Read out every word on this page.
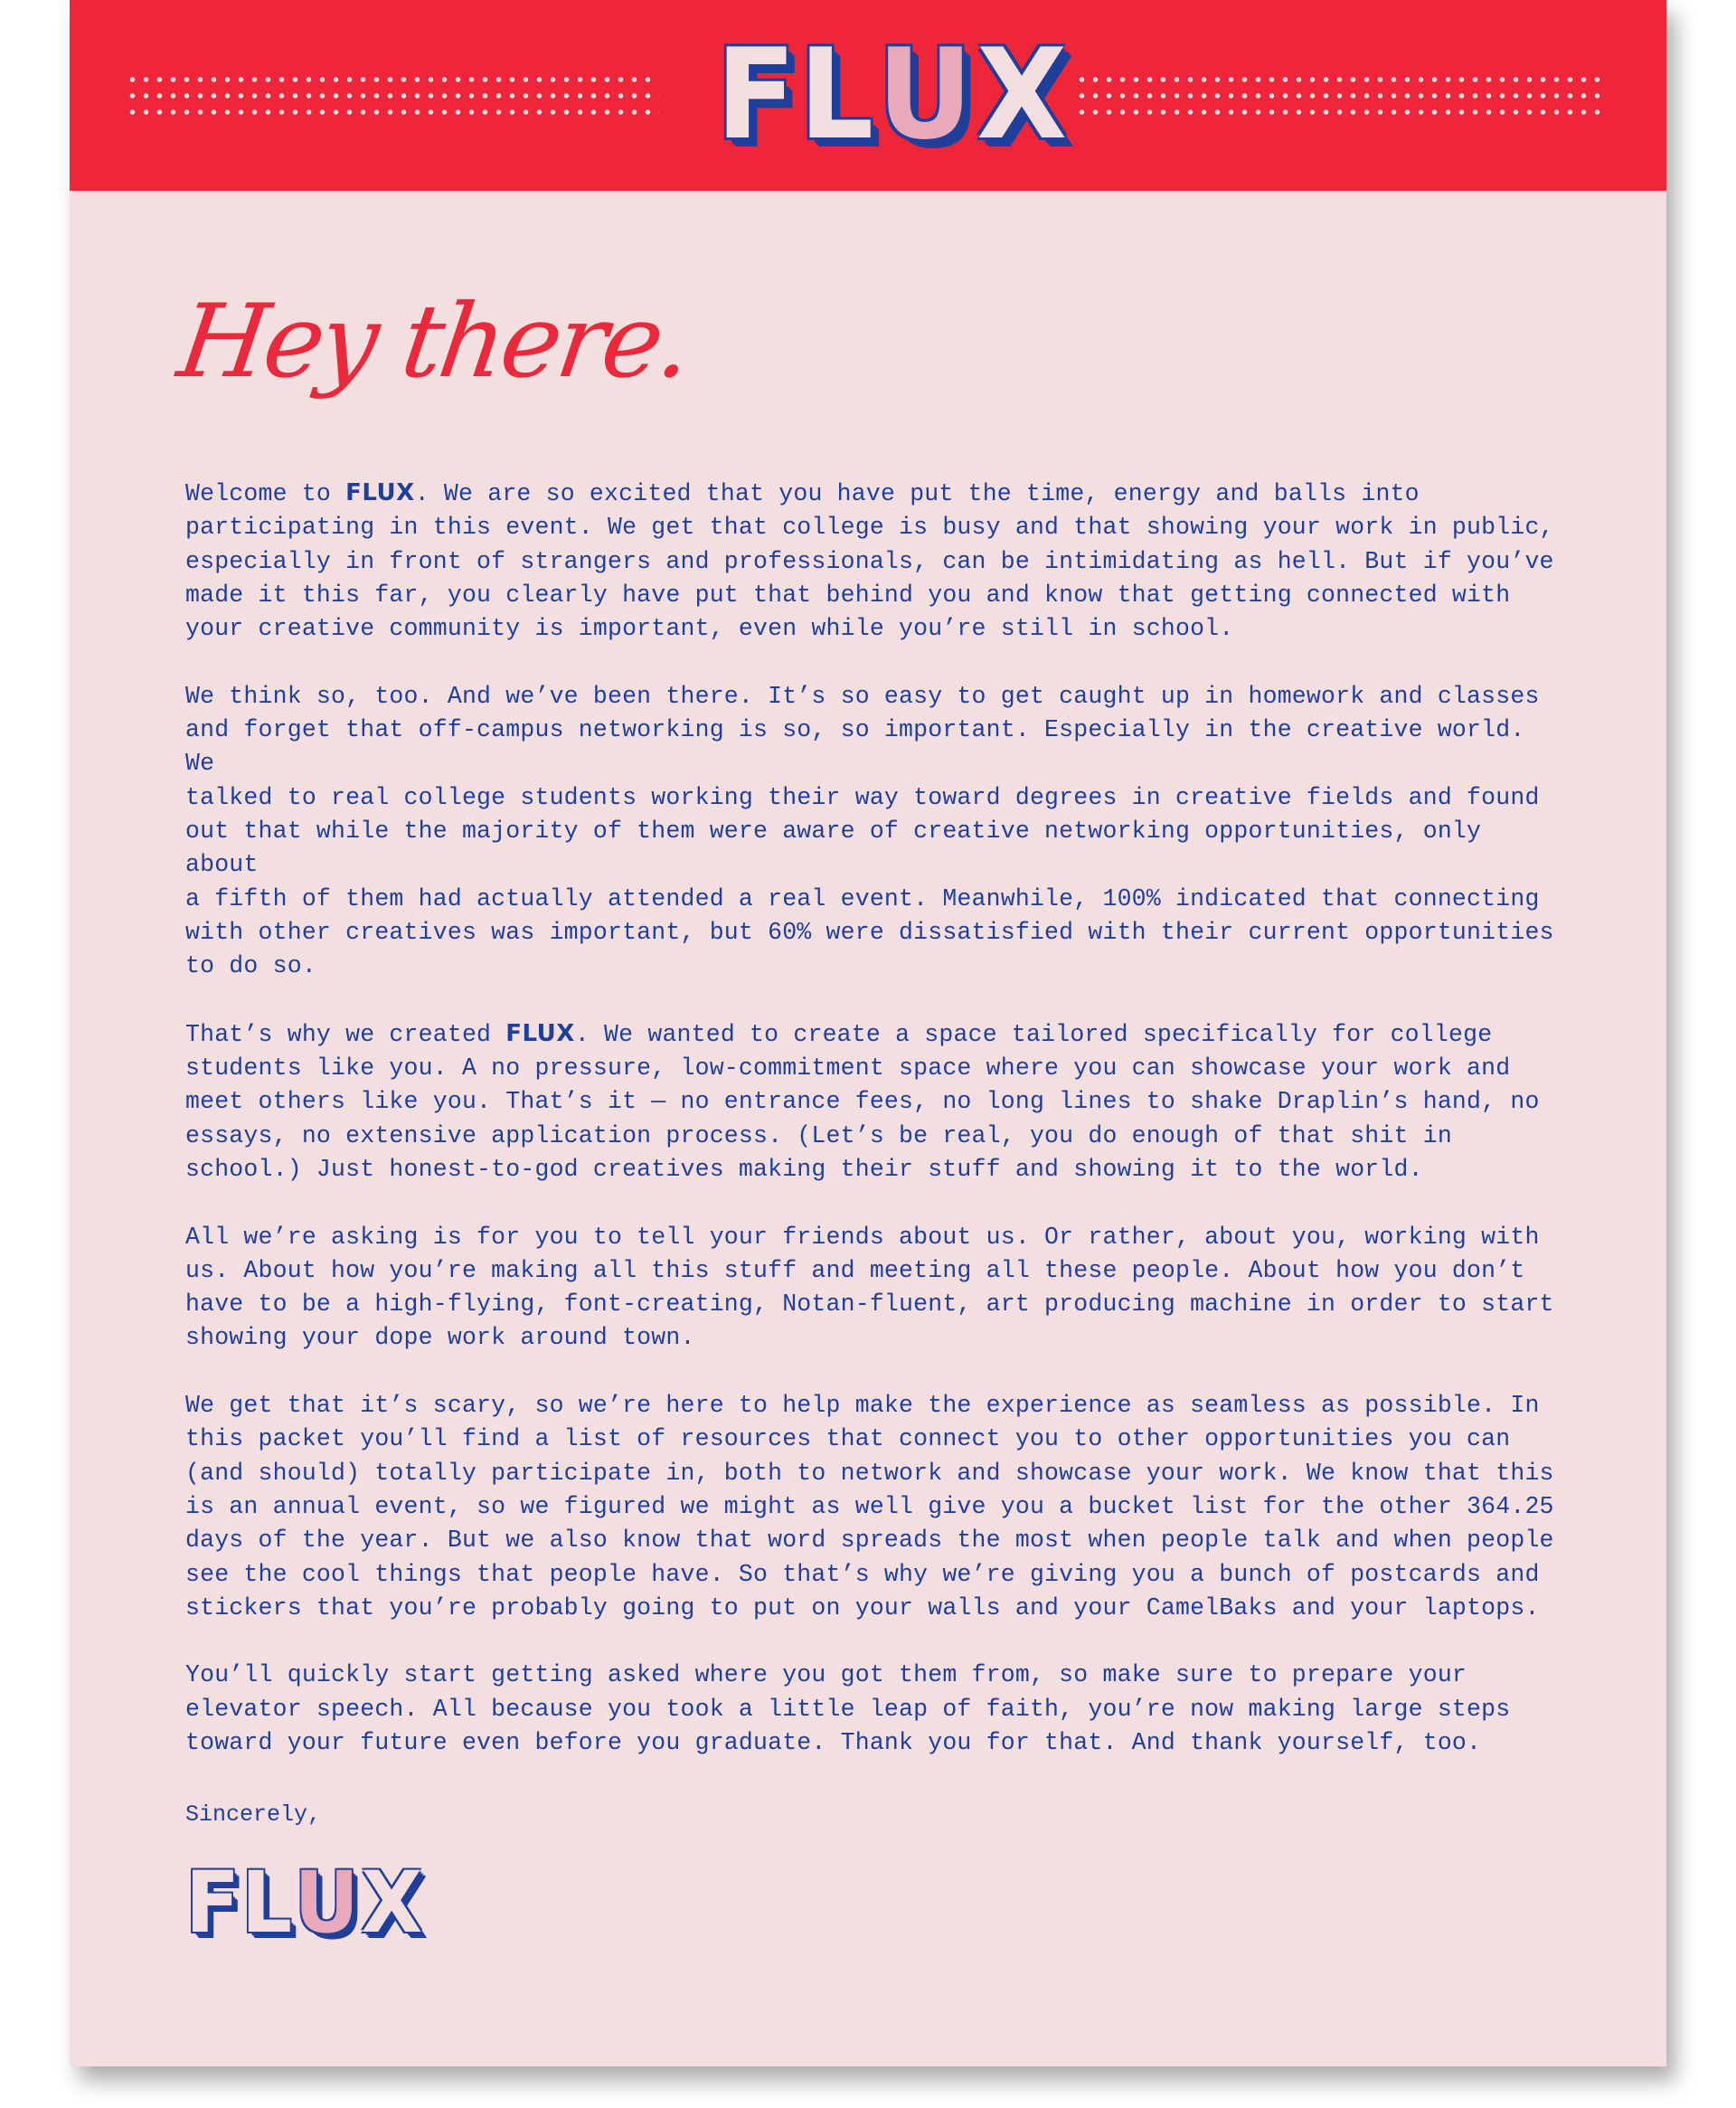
F L U X
Hey there.

Welcome to FLUX. We are so excited that you have put the time, energy and balls into
participating in this event. We get that college is busy and that showing your work in public,
especially in front of strangers and professionals, can be intimidating as hell. But if you’ve
made it this far, you clearly have put that behind you and know that getting connected with
your creative community is important, even while you’re still in school.

We think so, too. And we’ve been there. It’s so easy to get caught up in homework and classes
and forget that off-campus networking is so, so important. Especially in the creative world. We
talked to real college students working their way toward degrees in creative fields and found
out that while the majority of them were aware of creative networking opportunities, only about
a fifth of them had actually attended a real event. Meanwhile, 100% indicated that connecting
with other creatives was important, but 60% were dissatisfied with their current opportunities
to do so.

That’s why we created FLUX. We wanted to create a space tailored specifically for college
students like you. A no pressure, low-commitment space where you can showcase your work and
meet others like you. That’s it — no entrance fees, no long lines to shake Draplin’s hand, no
essays, no extensive application process. (Let’s be real, you do enough of that shit in
school.) Just honest-to-god creatives making their stuff and showing it to the world.

All we’re asking is for you to tell your friends about us. Or rather, about you, working with
us. About how you’re making all this stuff and meeting all these people. About how you don’t
have to be a high-flying, font-creating, Notan-fluent, art producing machine in order to start
showing your dope work around town.

We get that it’s scary, so we’re here to help make the experience as seamless as possible. In
this packet you’ll find a list of resources that connect you to other opportunities you can
(and should) totally participate in, both to network and showcase your work. We know that this
is an annual event, so we figured we might as well give you a bucket list for the other 364.25
days of the year. But we also know that word spreads the most when people talk and when people
see the cool things that people have. So that’s why we’re giving you a bunch of postcards and
stickers that you’re probably going to put on your walls and your CamelBaks and your laptops.

You’ll quickly start getting asked where you got them from, so make sure to prepare your
elevator speech. All because you took a little leap of faith, you’re now making large steps
toward your future even before you graduate. Thank you for that. And thank yourself, too.

Sincerely,
F L U X
